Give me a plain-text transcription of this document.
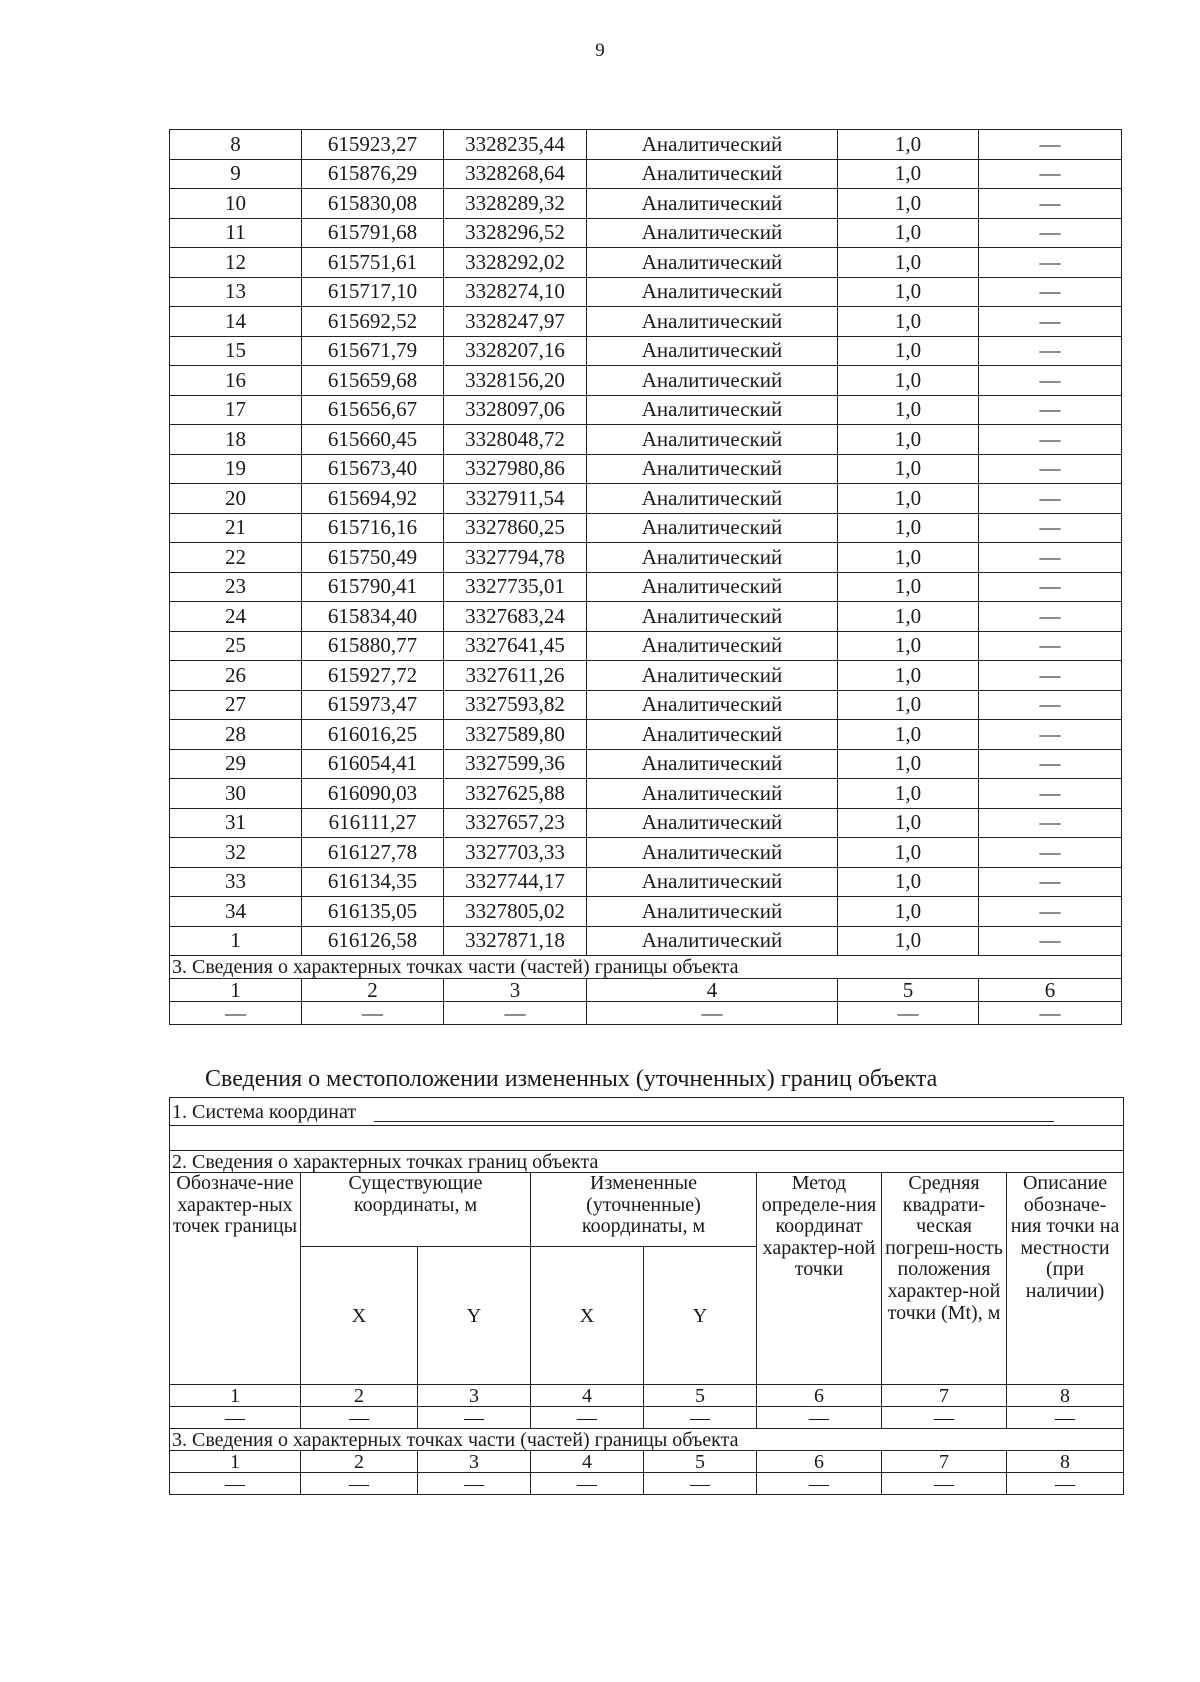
9
8	615923,27	3328235,44	Аналитический	1,0	—
9	615876,29	3328268,64	Аналитический	1,0	—
10	615830,08	3328289,32	Аналитический	1,0	—
11	615791,68	3328296,52	Аналитический	1,0	—
12	615751,61	3328292,02	Аналитический	1,0	—
13	615717,10	3328274,10	Аналитический	1,0	—
14	615692,52	3328247,97	Аналитический	1,0	—
15	615671,79	3328207,16	Аналитический	1,0	—
16	615659,68	3328156,20	Аналитический	1,0	—
17	615656,67	3328097,06	Аналитический	1,0	—
18	615660,45	3328048,72	Аналитический	1,0	—
19	615673,40	3327980,86	Аналитический	1,0	—
20	615694,92	3327911,54	Аналитический	1,0	—
21	615716,16	3327860,25	Аналитический	1,0	—
22	615750,49	3327794,78	Аналитический	1,0	—
23	615790,41	3327735,01	Аналитический	1,0	—
24	615834,40	3327683,24	Аналитический	1,0	—
25	615880,77	3327641,45	Аналитический	1,0	—
26	615927,72	3327611,26	Аналитический	1,0	—
27	615973,47	3327593,82	Аналитический	1,0	—
28	616016,25	3327589,80	Аналитический	1,0	—
29	616054,41	3327599,36	Аналитический	1,0	—
30	616090,03	3327625,88	Аналитический	1,0	—
31	616111,27	3327657,23	Аналитический	1,0	—
32	616127,78	3327703,33	Аналитический	1,0	—
33	616134,35	3327744,17	Аналитический	1,0	—
34	616135,05	3327805,02	Аналитический	1,0	—
1	616126,58	3327871,18	Аналитический	1,0	—
3. Сведения о характерных точках части (частей) границы объекта					
1	2	3	4	5	6
—	—	—	—	—	—
Сведения о местоположении измененных (уточненных) границ объекта
1. Система координат							

2. Сведения о характерных точках границ объекта							
Обозначе-ние характер-ных точек границы	Существующие координаты, м		Измененные (уточненные) координаты, м		Метод определе-ния координат характер-ной точки	Средняя квадрати-ческая погреш-ность положения характер-ной точки (Mt), м	Описание обозначе-ния точки на местности (при наличии)
	X	Y	X	Y			
1	2	3	4	5	6	7	8
—	—	—	—	—	—	—	—
3. Сведения о характерных точках части (частей) границы объекта							
1	2	3	4	5	6	7	8
—	—	—	—	—	—	—	—
